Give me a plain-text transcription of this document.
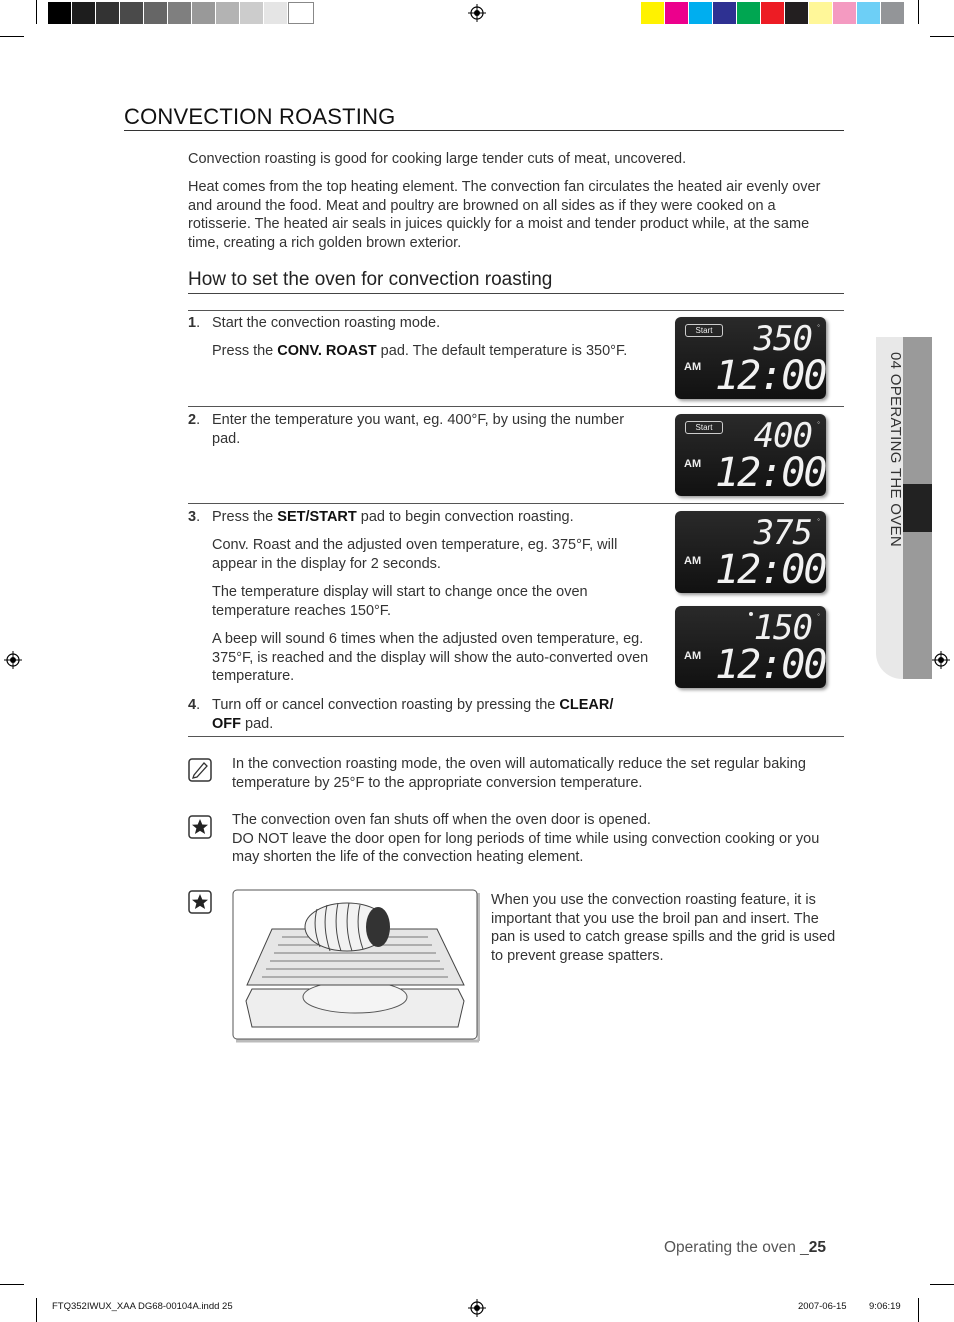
CONVECTION ROASTING
Convection roasting is good for cooking large tender cuts of meat, uncovered.
Heat comes from the top heating element. The convection fan circulates the heated air evenly over and around the food. Meat and poultry are browned on all sides as if they were cooked on a rotisserie. The heated air seals in juices quickly for a moist and tender product while, at the same time, creating a rich golden brown exterior.
How to set the oven for convection roasting
1. Start the convection roasting mode.
Press the CONV. ROAST pad. The default temperature is 350°F.
2. Enter the temperature you want, eg. 400°F, by using the number pad.
3. Press the SET/START pad to begin convection roasting.
Conv. Roast and the adjusted oven temperature, eg. 375°F, will appear in the display for 2 seconds.
The temperature display will start to change once the oven temperature reaches 150°F.
A beep will sound 6 times when the adjusted oven temperature, eg. 375°F, is reached and the display will show the auto-converted oven temperature.
4. Turn off or cancel convection roasting by pressing the CLEAR/ OFF pad.
Start	350 ◦
AM 12:00
Start	400 ◦
AM 12:00
375 ◦
AM 12:00
150 ◦
AM 12:00
04 OPERATING THE OVEN
In the convection roasting mode, the oven will automatically reduce the set regular baking temperature by 25°F to the appropriate conversion temperature.
The convection oven fan shuts off when the oven door is opened.
DO NOT leave the door open for long periods of time while using convection cooking or you may shorten the life of the convection heating element.
When you use the convection roasting feature, it is important that you use the broil pan and insert. The pan is used to catch grease spills and the grid is used to prevent grease spatters.
Operating the oven _25
FTQ352IWUX_XAA DG68-00104A.indd 25	2007-06-15 9:06:19
